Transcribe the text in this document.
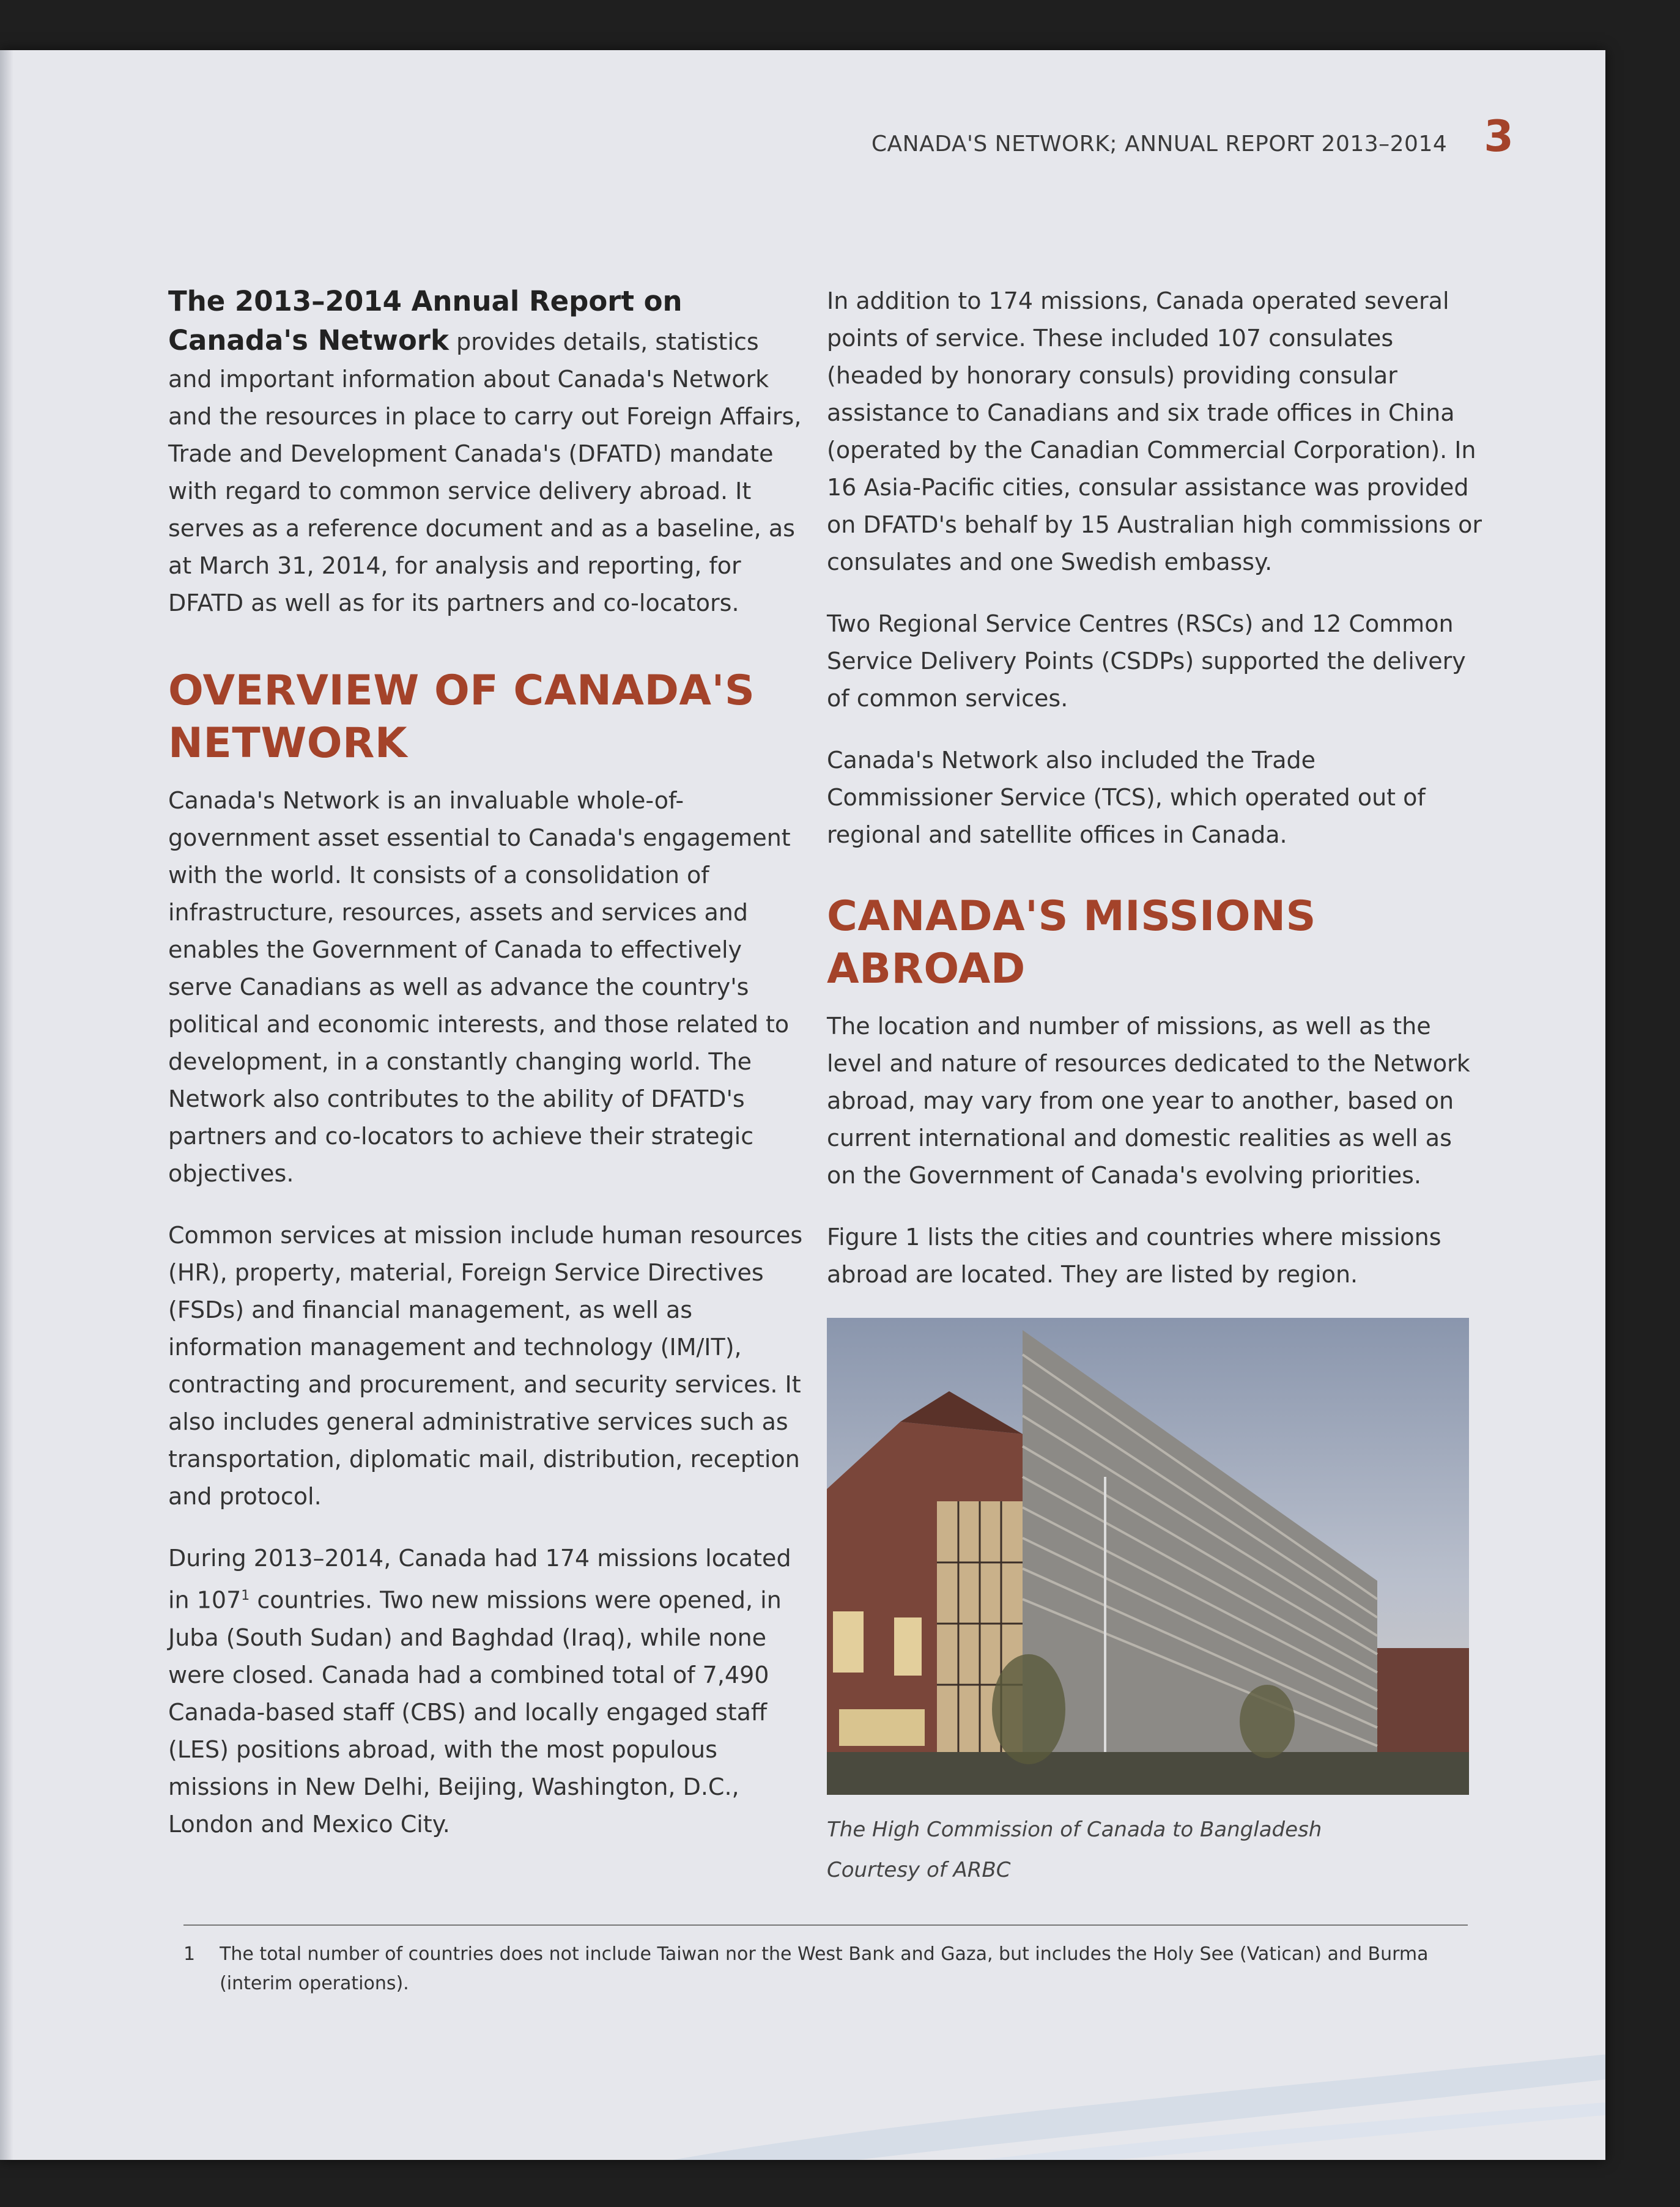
CANADA'S NETWORK; ANNUAL REPORT 2013–2014 3

The 2013–2014 Annual Report on Canada's Network provides details, statistics and important information about Canada's Network and the resources in place to carry out Foreign Affairs, Trade and Development Canada's (DFATD) mandate with regard to common service delivery abroad. It serves as a reference document and as a baseline, as at March 31, 2014, for analysis and reporting, for DFATD as well as for its partners and co-locators.

OVERVIEW OF CANADA'S NETWORK

Canada's Network is an invaluable whole-of-government asset essential to Canada's engagement with the world. It consists of a consolidation of infrastructure, resources, assets and services and enables the Government of Canada to effectively serve Canadians as well as advance the country's political and economic interests, and those related to development, in a constantly changing world. The Network also contributes to the ability of DFATD's partners and co-locators to achieve their strategic objectives.

Common services at mission include human resources (HR), property, material, Foreign Service Directives (FSDs) and financial management, as well as information management and technology (IM/IT), contracting and procurement, and security services. It also includes general administrative services such as transportation, diplomatic mail, distribution, reception and protocol.

During 2013–2014, Canada had 174 missions located in $107^1$ countries. Two new missions were opened, in Juba (South Sudan) and Baghdad (Iraq), while none were closed. Canada had a combined total of 7,490 Canada-based staff (CBS) and locally engaged staff (LES) positions abroad, with the most populous missions in New Delhi, Beijing, Washington, D.C., London and Mexico City.

In addition to 174 missions, Canada operated several points of service. These included 107 consulates (headed by honorary consuls) providing consular assistance to Canadians and six trade offices in China (operated by the Canadian Commercial Corporation). In 16 Asia-Pacific cities, consular assistance was provided on DFATD's behalf by 15 Australian high commissions or consulates and one Swedish embassy.

Two Regional Service Centres (RSCs) and 12 Common Service Delivery Points (CSDPs) supported the delivery of common services.

Canada's Network also included the Trade Commissioner Service (TCS), which operated out of regional and satellite offices in Canada.

CANADA'S MISSIONS ABROAD

The location and number of missions, as well as the level and nature of resources dedicated to the Network abroad, may vary from one year to another, based on current international and domestic realities as well as on the Government of Canada's evolving priorities.

Figure 1 lists the cities and countries where missions abroad are located. They are listed by region.

The High Commission of Canada to Bangladesh
Courtesy of ARBC
1 The total number of countries does not include Taiwan nor the West Bank and Gaza, but includes the Holy See (Vatican) and Burma (interim operations).
